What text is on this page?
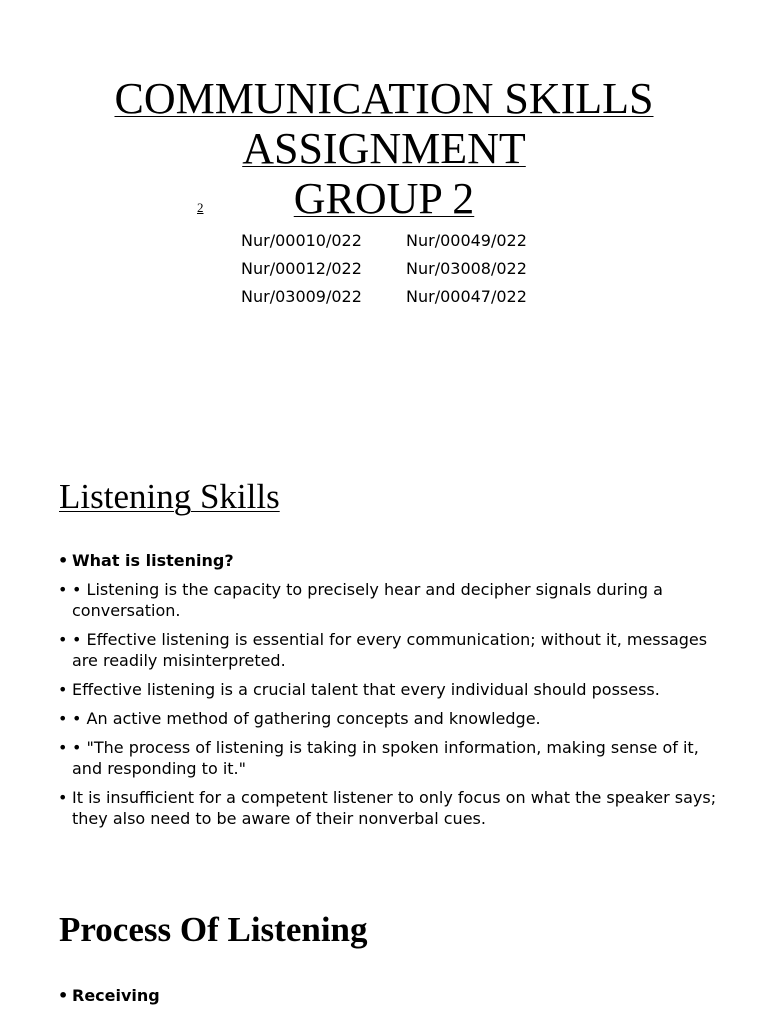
COMMUNICATION SKILLS
ASSIGNMENT
GROUP 2
2
Nur/00010/022	Nur/00049/022
Nur/00012/022	Nur/03008/022
Nur/03009/022	Nur/00047/022
Listening Skills
• What is listening?
• • Listening is the capacity to precisely hear and decipher signals during a conversation.
• • Effective listening is essential for every communication; without it, messages are readily misinterpreted.
• Effective listening is a crucial talent that every individual should possess.
• • An active method of gathering concepts and knowledge.
• • "The process of listening is taking in spoken information, making sense of it, and responding to it."
• It is insufficient for a competent listener to only focus on what the speaker says; they also need to be aware of their nonverbal cues.
Process Of Listening
• Receiving
